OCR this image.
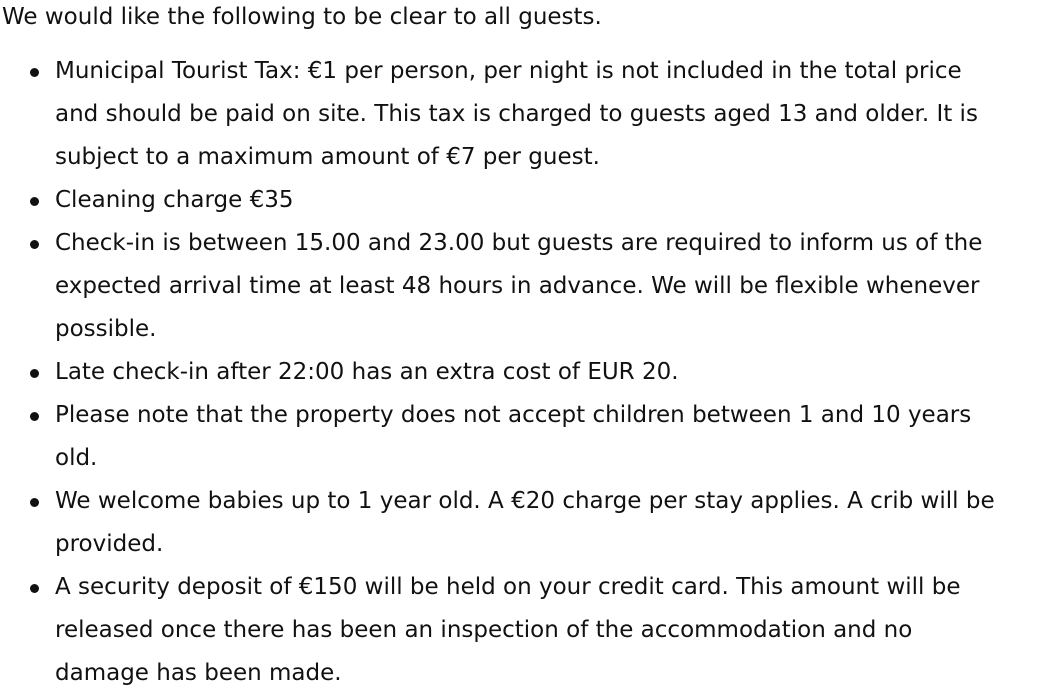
We would like the following to be clear to all guests.

Municipal Tourist Tax: €1 per person, per night is not included in the total price
and should be paid on site. This tax is charged to guests aged 13 and older. It is
subject to a maximum amount of €7 per guest.
Cleaning charge €35
Check-in is between 15.00 and 23.00 but guests are required to inform us of the
expected arrival time at least 48 hours in advance. We will be flexible whenever
possible.
Late check-in after 22:00 has an extra cost of EUR 20.
Please note that the property does not accept children between 1 and 10 years
old.
We welcome babies up to 1 year old. A €20 charge per stay applies. A crib will be
provided.
A security deposit of €150 will be held on your credit card. This amount will be
released once there has been an inspection of the accommodation and no
damage has been made.
